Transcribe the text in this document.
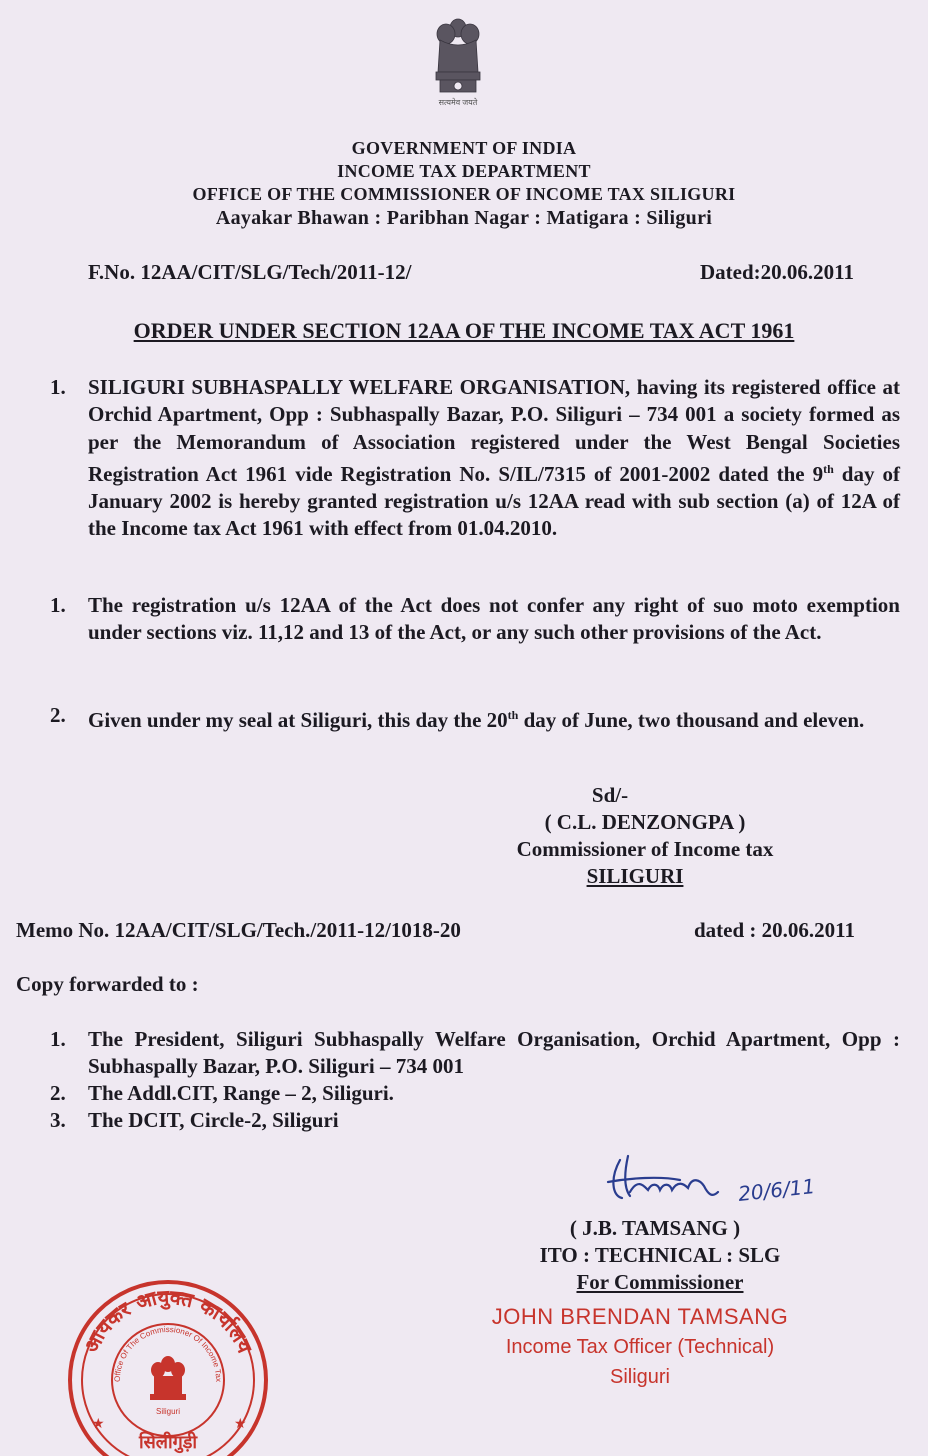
सत्यमेव जयते
GOVERNMENT OF INDIA
INCOME TAX DEPARTMENT
OFFICE OF THE COMMISSIONER OF INCOME TAX SILIGURI
Aayakar Bhawan : Paribhan Nagar : Matigara : Siliguri
F.No. 12AA/CIT/SLG/Tech/2011-12/	Dated:20.06.2011
ORDER UNDER SECTION 12AA OF THE INCOME TAX ACT 1961
1.	SILIGURI SUBHASPALLY WELFARE ORGANISATION, having its registered office at Orchid Apartment, Opp : Subhaspally Bazar, P.O. Siliguri – 734 001 a society formed as per the Memorandum of Association registered under the West Bengal Societies Registration Act 1961 vide Registration No. S/IL/7315 of 2001-2002 dated the 9th day of January 2002 is hereby granted registration u/s 12AA read with sub section (a) of 12A of the Income tax Act 1961 with effect from 01.04.2010.
1.	The registration u/s 12AA of the Act does not confer any right of suo moto exemption under sections viz. 11,12 and 13 of the Act, or any such other provisions of the Act.
2.	Given under my seal at Siliguri, this day the 20th day of June, two thousand and eleven.
Sd/-
( C.L. DENZONGPA )
Commissioner of Income tax
SILIGURI
Memo No. 12AA/CIT/SLG/Tech./2011-12/1018-20	dated : 20.06.2011
Copy forwarded to :
1. The President, Siliguri Subhaspally Welfare Organisation, Orchid Apartment, Opp : Subhaspally Bazar, P.O. Siliguri – 734 001
2. The Addl.CIT, Range – 2, Siliguri.
3. The DCIT, Circle-2, Siliguri
20/6/11
( J.B. TAMSANG )
ITO : TECHNICAL : SLG
For Commissioner
JOHN BRENDAN TAMSANG
Income Tax Officer (Technical)
Siliguri
आयकर आयुक्त कार्यालय
Office Of The Commissioner Of Income Tax
Siliguri
सिलीगुड़ी
★	★
